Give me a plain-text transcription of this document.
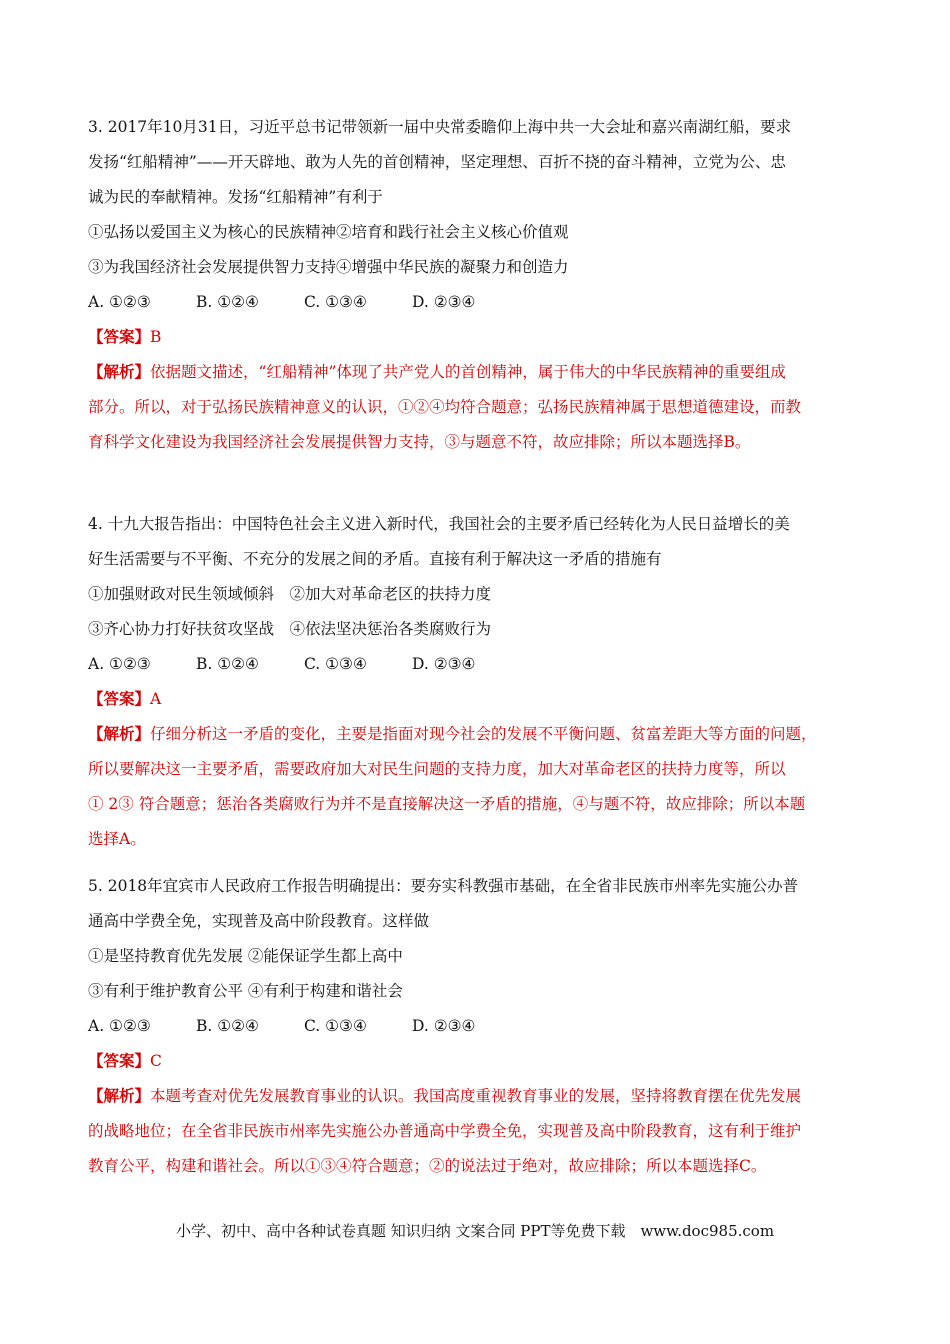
3. 2017年10月31日，习近平总书记带领新一届中央常委瞻仰上海中共一大会址和嘉兴南湖红船，要求

发扬“红船精神”——开天辟地、敢为人先的首创精神，坚定理想、百折不挠的奋斗精神，立党为公、忠

诚为民的奉献精神。发扬“红船精神”有利于

①弘扬以爱国主义为核心的民族精神②培育和践行社会主义核心价值观

③为我国经济社会发展提供智力支持④增强中华民族的凝聚力和创造力

A. ①②③	B. ①②④	C. ①③④	D. ②③④
【答案】B

【解析】依据题文描述，“红船精神”体现了共产党人的首创精神，属于伟大的中华民族精神的重要组成

部分。所以，对于弘扬民族精神意义的认识，①②④均符合题意；弘扬民族精神属于思想道德建设，而教

育科学文化建设为我国经济社会发展提供智力支持，③与题意不符，故应排除；所以本题选择B。

4. 十九大报告指出：中国特色社会主义进入新时代，我国社会的主要矛盾已经转化为人民日益增长的美

好生活需要与不平衡、不充分的发展之间的矛盾。直接有利于解决这一矛盾的措施有

①加强财政对民生领域倾斜　②加大对革命老区的扶持力度

③齐心协力打好扶贫攻坚战　④依法坚决惩治各类腐败行为

A. ①②③	B. ①②④	C. ①③④	D. ②③④
【答案】A

【解析】仔细分析这一矛盾的变化，主要是指面对现今社会的发展不平衡问题、贫富差距大等方面的问题，

所以要解决这一主要矛盾，需要政府加大对民生问题的支持力度，加大对革命老区的扶持力度等，所以

① 2③ 符合题意；惩治各类腐败行为并不是直接解决这一矛盾的措施，④与题不符，故应排除；所以本题

选择A。

5. 2018年宜宾市人民政府工作报告明确提出：要夯实科教强市基础，在全省非民族市州率先实施公办普

通高中学费全免，实现普及高中阶段教育。这样做

①是坚持教育优先发展 ②能保证学生都上高中

③有利于维护教育公平 ④有利于构建和谐社会

A. ①②③	B. ①②④	C. ①③④	D. ②③④
【答案】C

【解析】本题考查对优先发展教育事业的认识。我国高度重视教育事业的发展，坚持将教育摆在优先发展

的战略地位；在全省非民族市州率先实施公办普通高中学费全免，实现普及高中阶段教育，这有利于维护

教育公平，构建和谐社会。所以①③④符合题意；②的说法过于绝对，故应排除；所以本题选择C。

小学、初中、高中各种试卷真题 知识归纳 文案合同 PPT等免费下载　www.doc985.com
